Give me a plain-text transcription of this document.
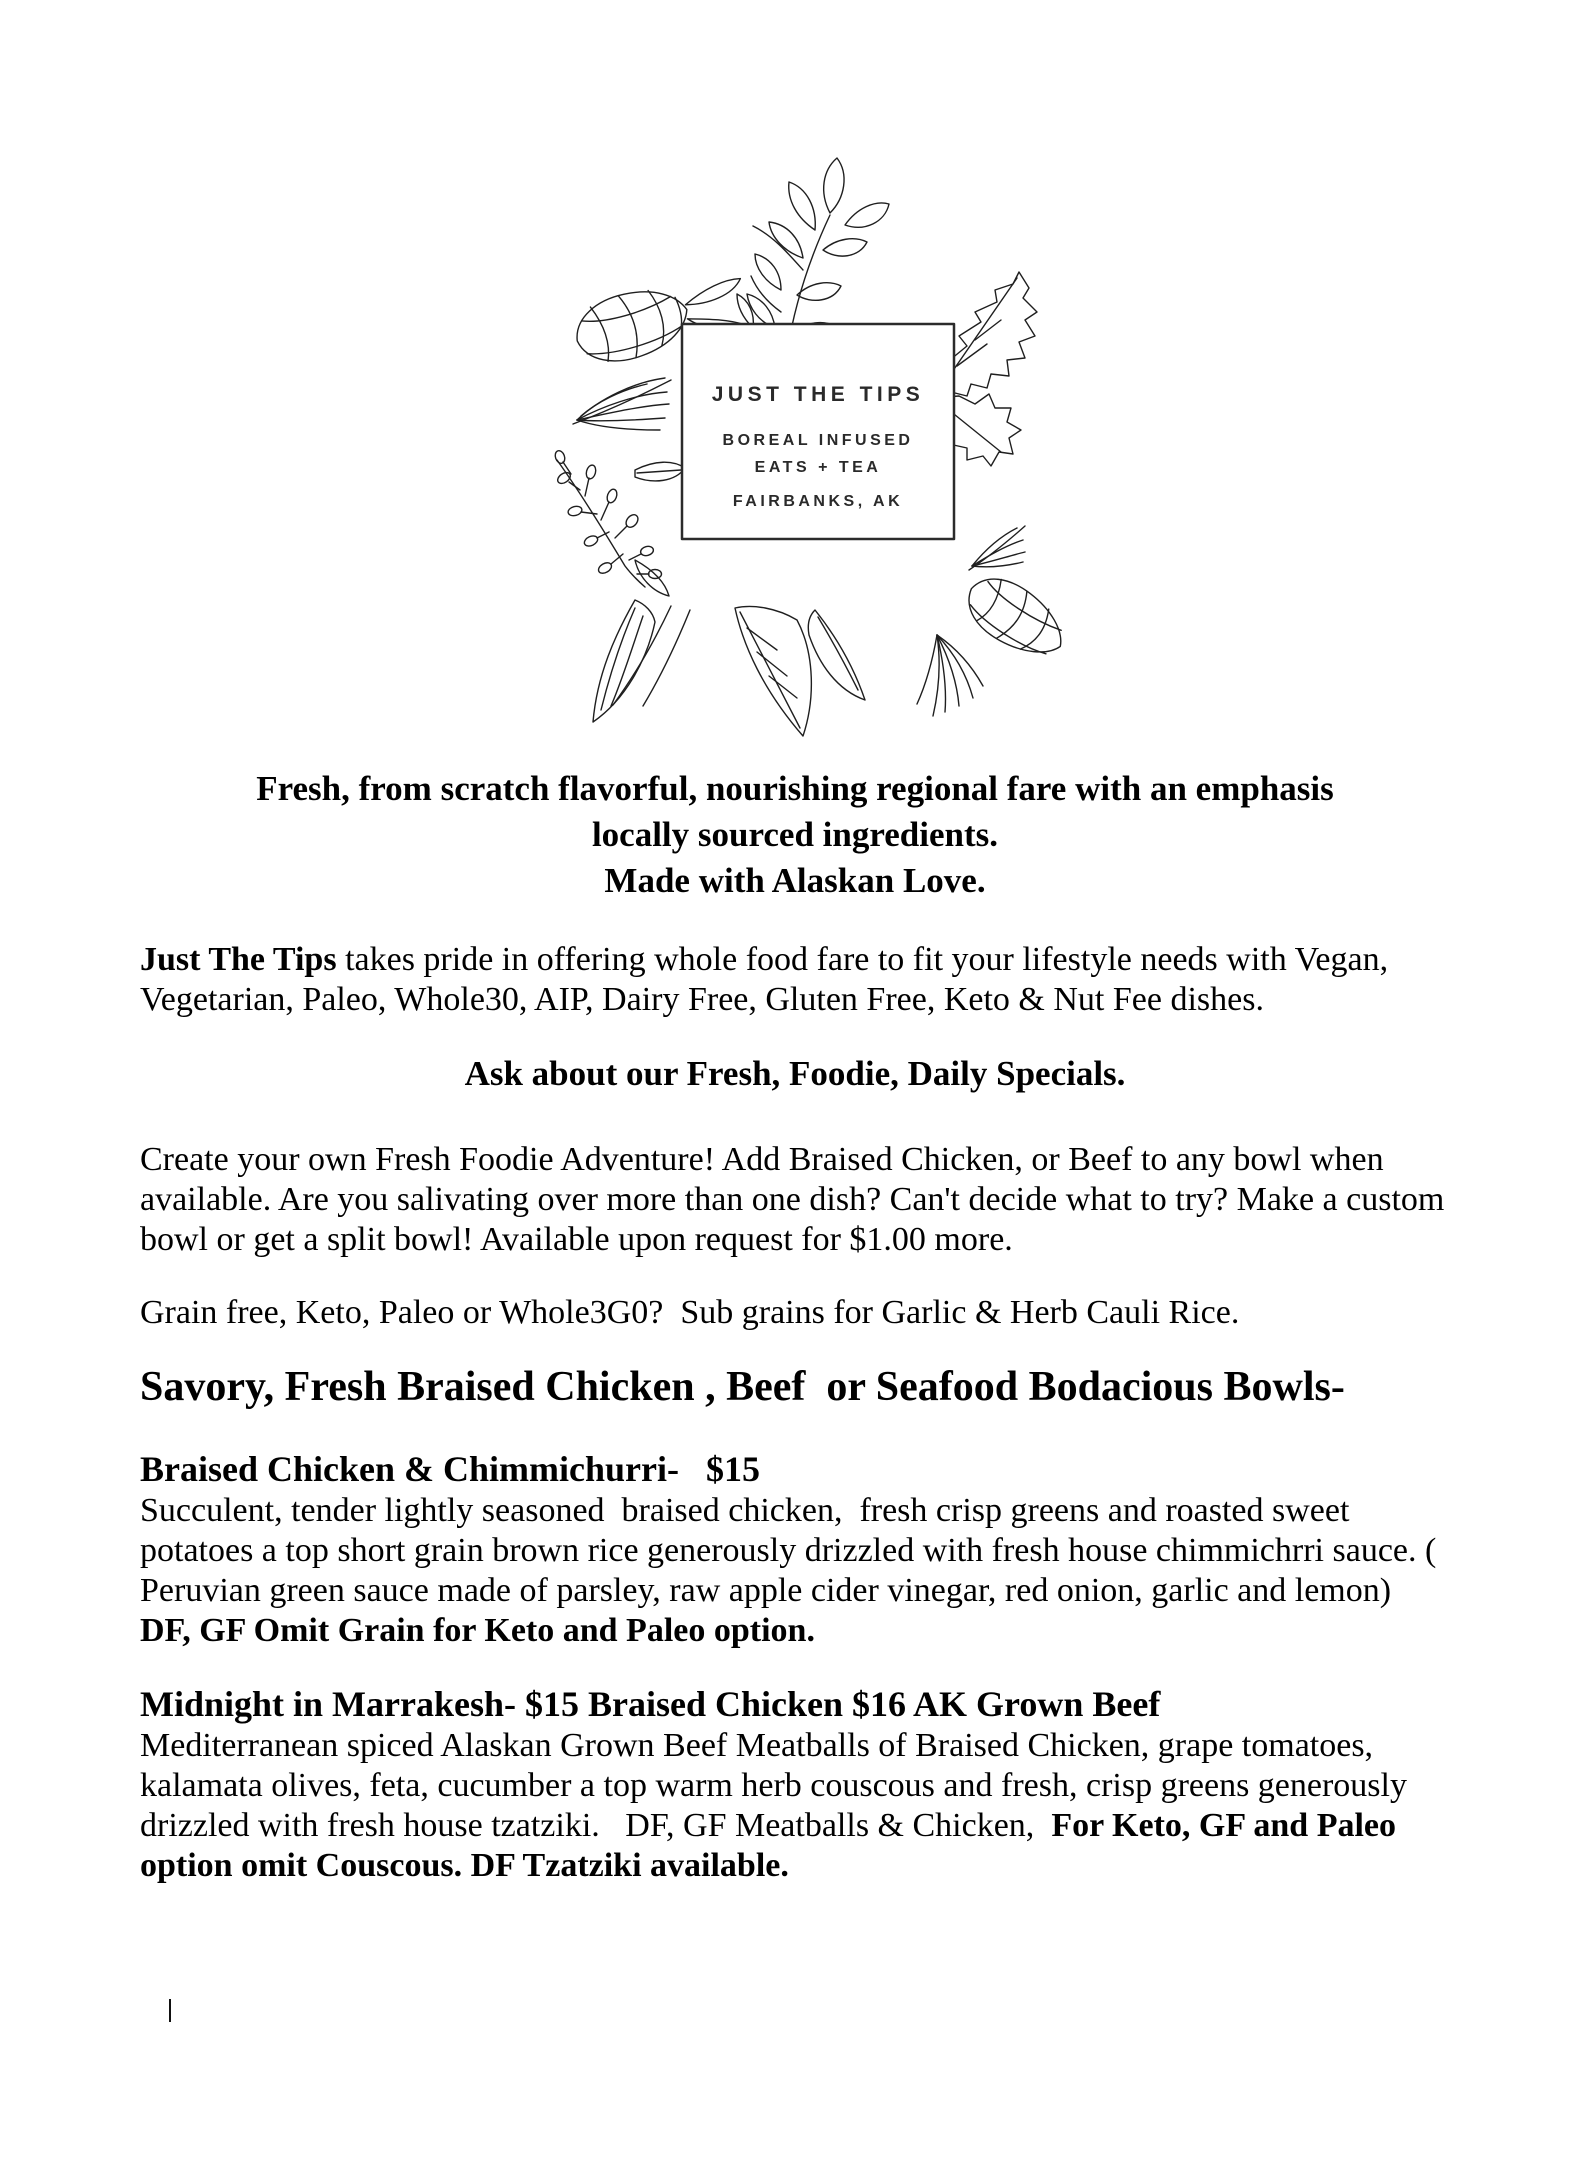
JUST THE TIPS
BOREAL INFUSED
EATS + TEA
FAIRBANKS, AK
Fresh, from scratch flavorful, nourishing regional fare with an emphasis
locally sourced ingredients.
Made with Alaskan Love.
Just The Tips takes pride in offering whole food fare to fit your lifestyle needs with Vegan,
Vegetarian, Paleo, Whole30, AIP, Dairy Free, Gluten Free, Keto & Nut Fee dishes.
Ask about our Fresh, Foodie, Daily Specials.
Create your own Fresh Foodie Adventure! Add Braised Chicken, or Beef to any bowl when
available. Are you salivating over more than one dish? Can't decide what to try? Make a custom
bowl or get a split bowl! Available upon request for $1.00 more.
Grain free, Keto, Paleo or Whole3G0?  Sub grains for Garlic & Herb Cauli Rice.
Savory, Fresh Braised Chicken , Beef  or Seafood Bodacious Bowls-
Braised Chicken & Chimmichurri-   $15
Succulent, tender lightly seasoned  braised chicken,  fresh crisp greens and roasted sweet
potatoes a top short grain brown rice generously drizzled with fresh house chimmichrri sauce. (
Peruvian green sauce made of parsley, raw apple cider vinegar, red onion, garlic and lemon)
DF, GF Omit Grain for Keto and Paleo option.
Midnight in Marrakesh- $15 Braised Chicken $16 AK Grown Beef
Mediterranean spiced Alaskan Grown Beef Meatballs of Braised Chicken, grape tomatoes,
kalamata olives, feta, cucumber a top warm herb couscous and fresh, crisp greens generously
drizzled with fresh house tzatziki.   DF, GF Meatballs & Chicken,  For Keto, GF and Paleo
option omit Couscous. DF Tzatziki available.
